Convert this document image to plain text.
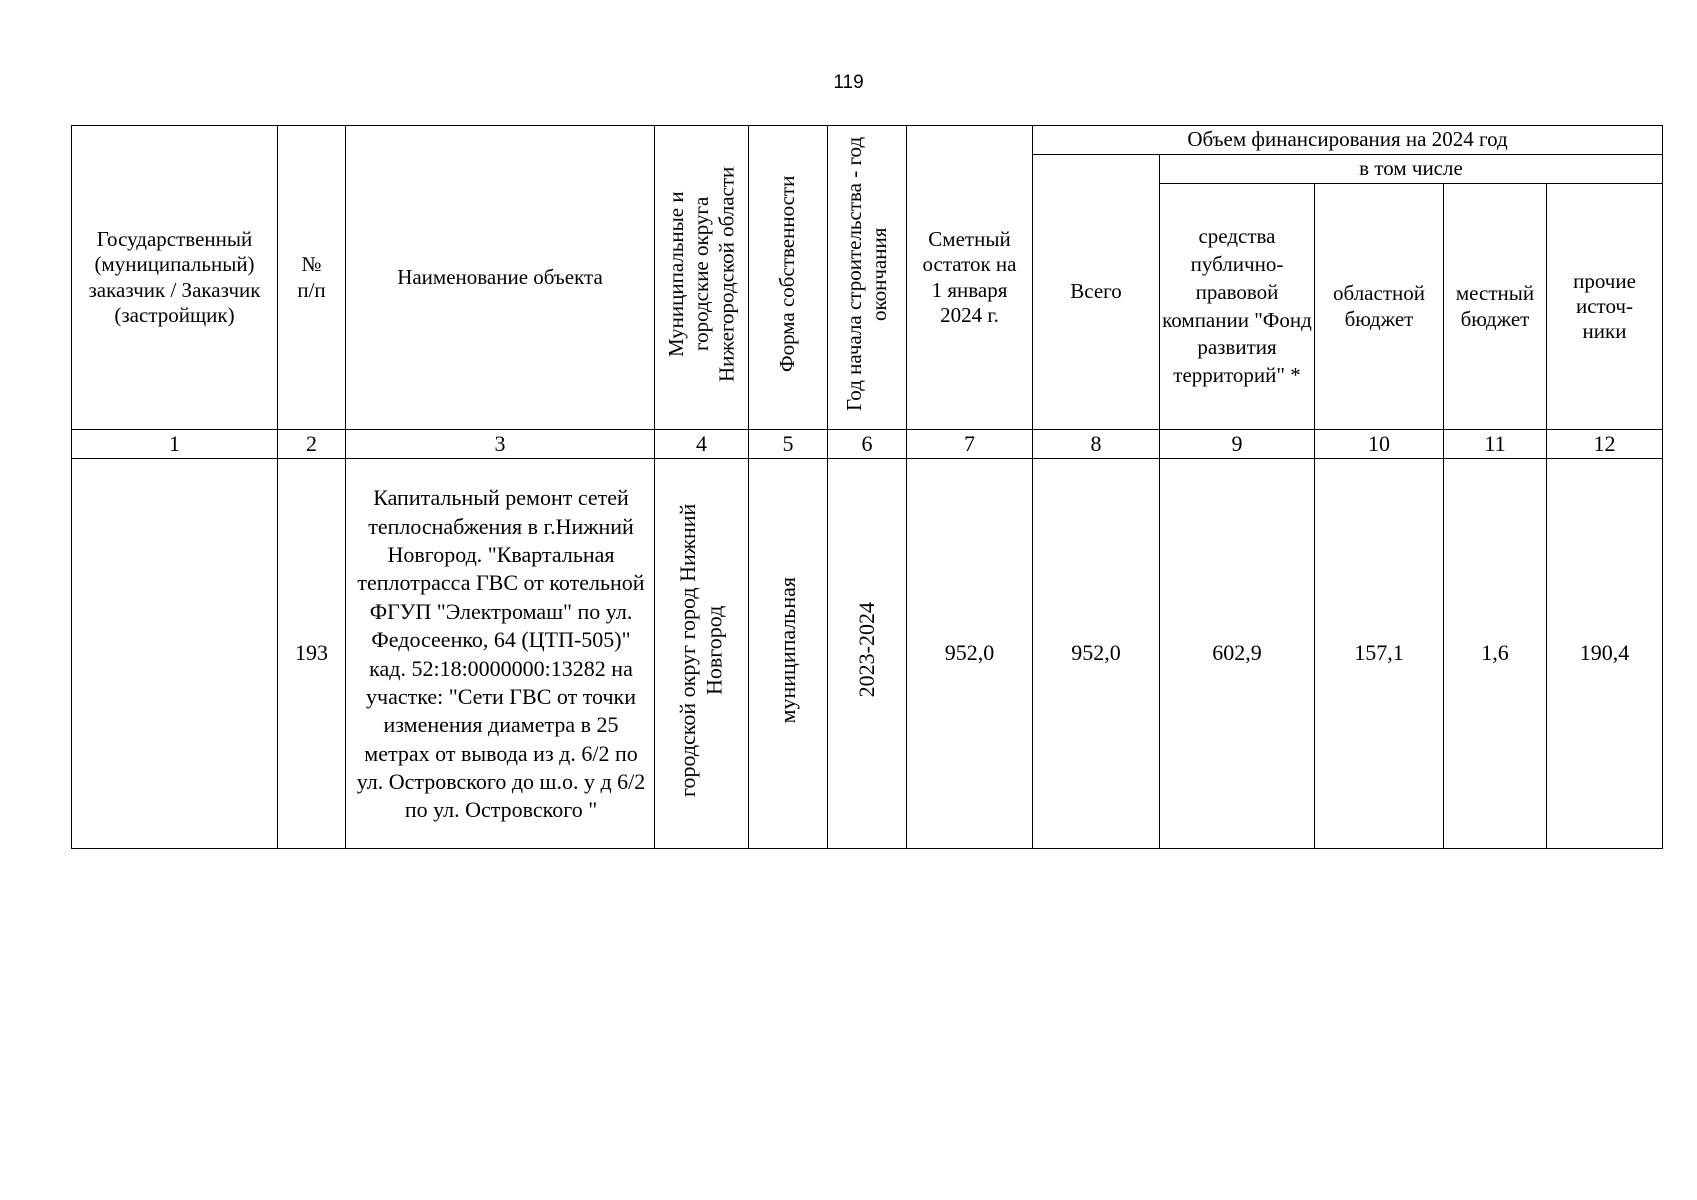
119
Государственный (муниципальный) заказчик / Заказчик (застройщик)	№ п/п	Наименование объекта	Муниципальные и городские округа Нижегородской области	Форма собственности	Год начала строительства - год окончания	Сметный остаток на 1 января 2024 г.	Объем финансирования на 2024 год				
							Всего	в том числе			
								средства публично-правовой компании "Фонд развития территорий" *	областной бюджет	местный бюджет	прочие источ-ники
1	2	3	4	5	6	7	8	9	10	11	12
	193	Капитальный ремонт сетей теплоснабжения в г.Нижний Новгород. "Квартальная теплотрасса ГВС от котельной ФГУП "Электромаш" по ул. Федосеенко, 64 (ЦТП-505)" кад. 52:18:0000000:13282 на участке: "Сети ГВС от точки изменения диаметра в 25 метрах от вывода из д. 6/2 по ул. Островского до ш.о. у д 6/2 по ул. Островского "	городской округ город Нижний Новгород	муниципальная	2023-2024	952,0	952,0	602,9	157,1	1,6	190,4
